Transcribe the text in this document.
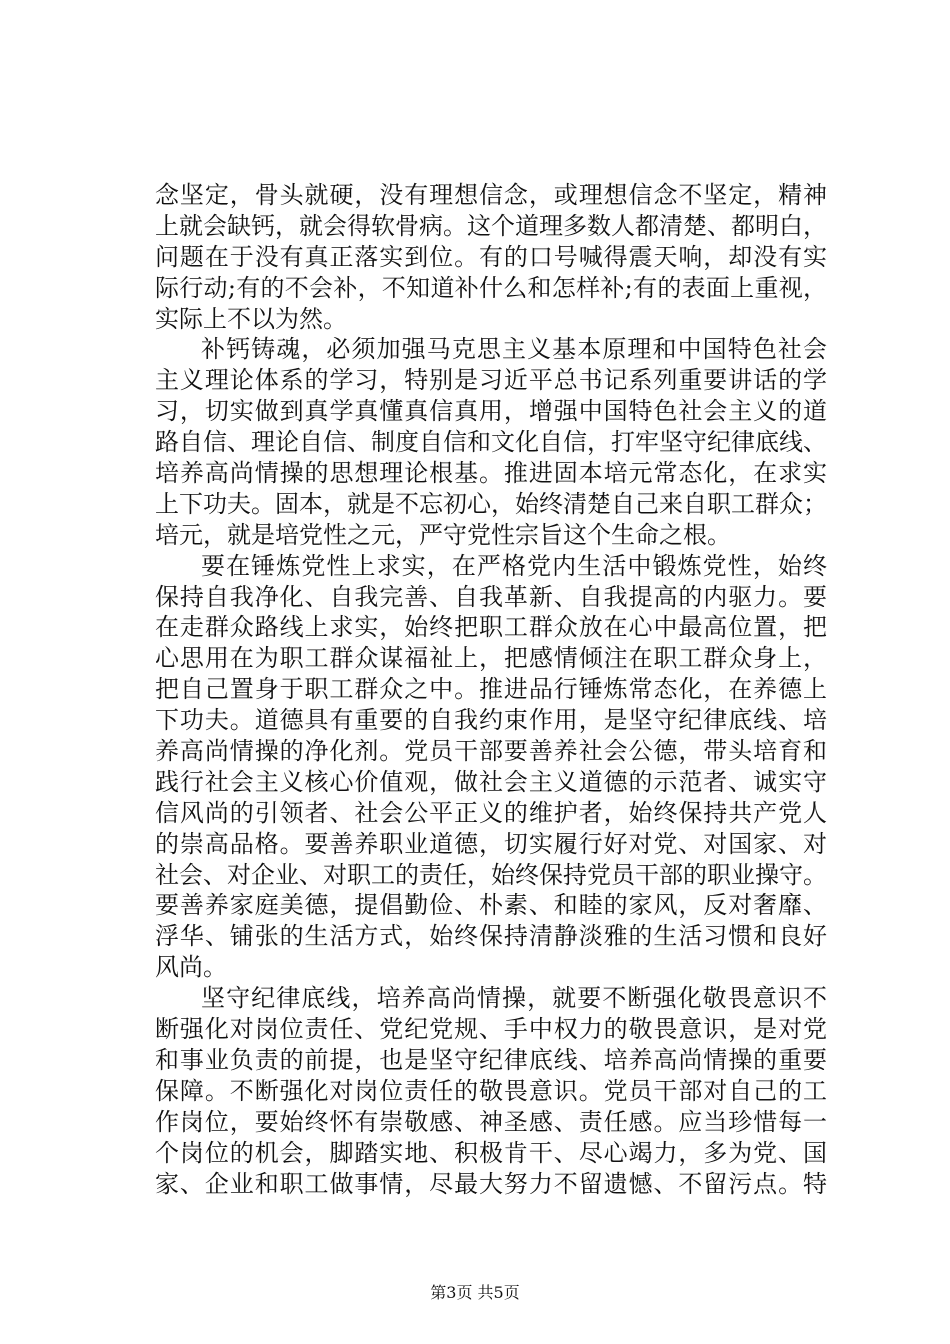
念坚定，骨头就硬，没有理想信念，或理想信念不坚定，精神
上就会缺钙，就会得软骨病。这个道理多数人都清楚、都明白，
问题在于没有真正落实到位。有的口号喊得震天响，却没有实
际行动;有的不会补，不知道补什么和怎样补;有的表面上重视，
实际上不以为然。
补钙铸魂，必须加强马克思主义基本原理和中国特色社会
主义理论体系的学习，特别是习近平总书记系列重要讲话的学
习，切实做到真学真懂真信真用，增强中国特色社会主义的道
路自信、理论自信、制度自信和文化自信，打牢坚守纪律底线、
培养高尚情操的思想理论根基。推进固本培元常态化，在求实
上下功夫。固本，就是不忘初心，始终清楚自己来自职工群众；
培元，就是培党性之元，严守党性宗旨这个生命之根。
要在锤炼党性上求实，在严格党内生活中锻炼党性，始终
保持自我净化、自我完善、自我革新、自我提高的内驱力。要
在走群众路线上求实，始终把职工群众放在心中最高位置，把
心思用在为职工群众谋福祉上，把感情倾注在职工群众身上，
把自己置身于职工群众之中。推进品行锤炼常态化，在养德上
下功夫。道德具有重要的自我约束作用，是坚守纪律底线、培
养高尚情操的净化剂。党员干部要善养社会公德，带头培育和
践行社会主义核心价值观，做社会主义道德的示范者、诚实守
信风尚的引领者、社会公平正义的维护者，始终保持共产党人
的崇高品格。要善养职业道德，切实履行好对党、对国家、对
社会、对企业、对职工的责任，始终保持党员干部的职业操守。
要善养家庭美德，提倡勤俭、朴素、和睦的家风，反对奢靡、
浮华、铺张的生活方式，始终保持清静淡雅的生活习惯和良好
风尚。
坚守纪律底线，培养高尚情操，就要不断强化敬畏意识不
断强化对岗位责任、党纪党规、手中权力的敬畏意识，是对党
和事业负责的前提，也是坚守纪律底线、培养高尚情操的重要
保障。不断强化对岗位责任的敬畏意识。党员干部对自己的工
作岗位，要始终怀有崇敬感、神圣感、责任感。应当珍惜每一
个岗位的机会，脚踏实地、积极肯干、尽心竭力，多为党、国
家、企业和职工做事情，尽最大努力不留遗憾、不留污点。特
第3页 共5页
